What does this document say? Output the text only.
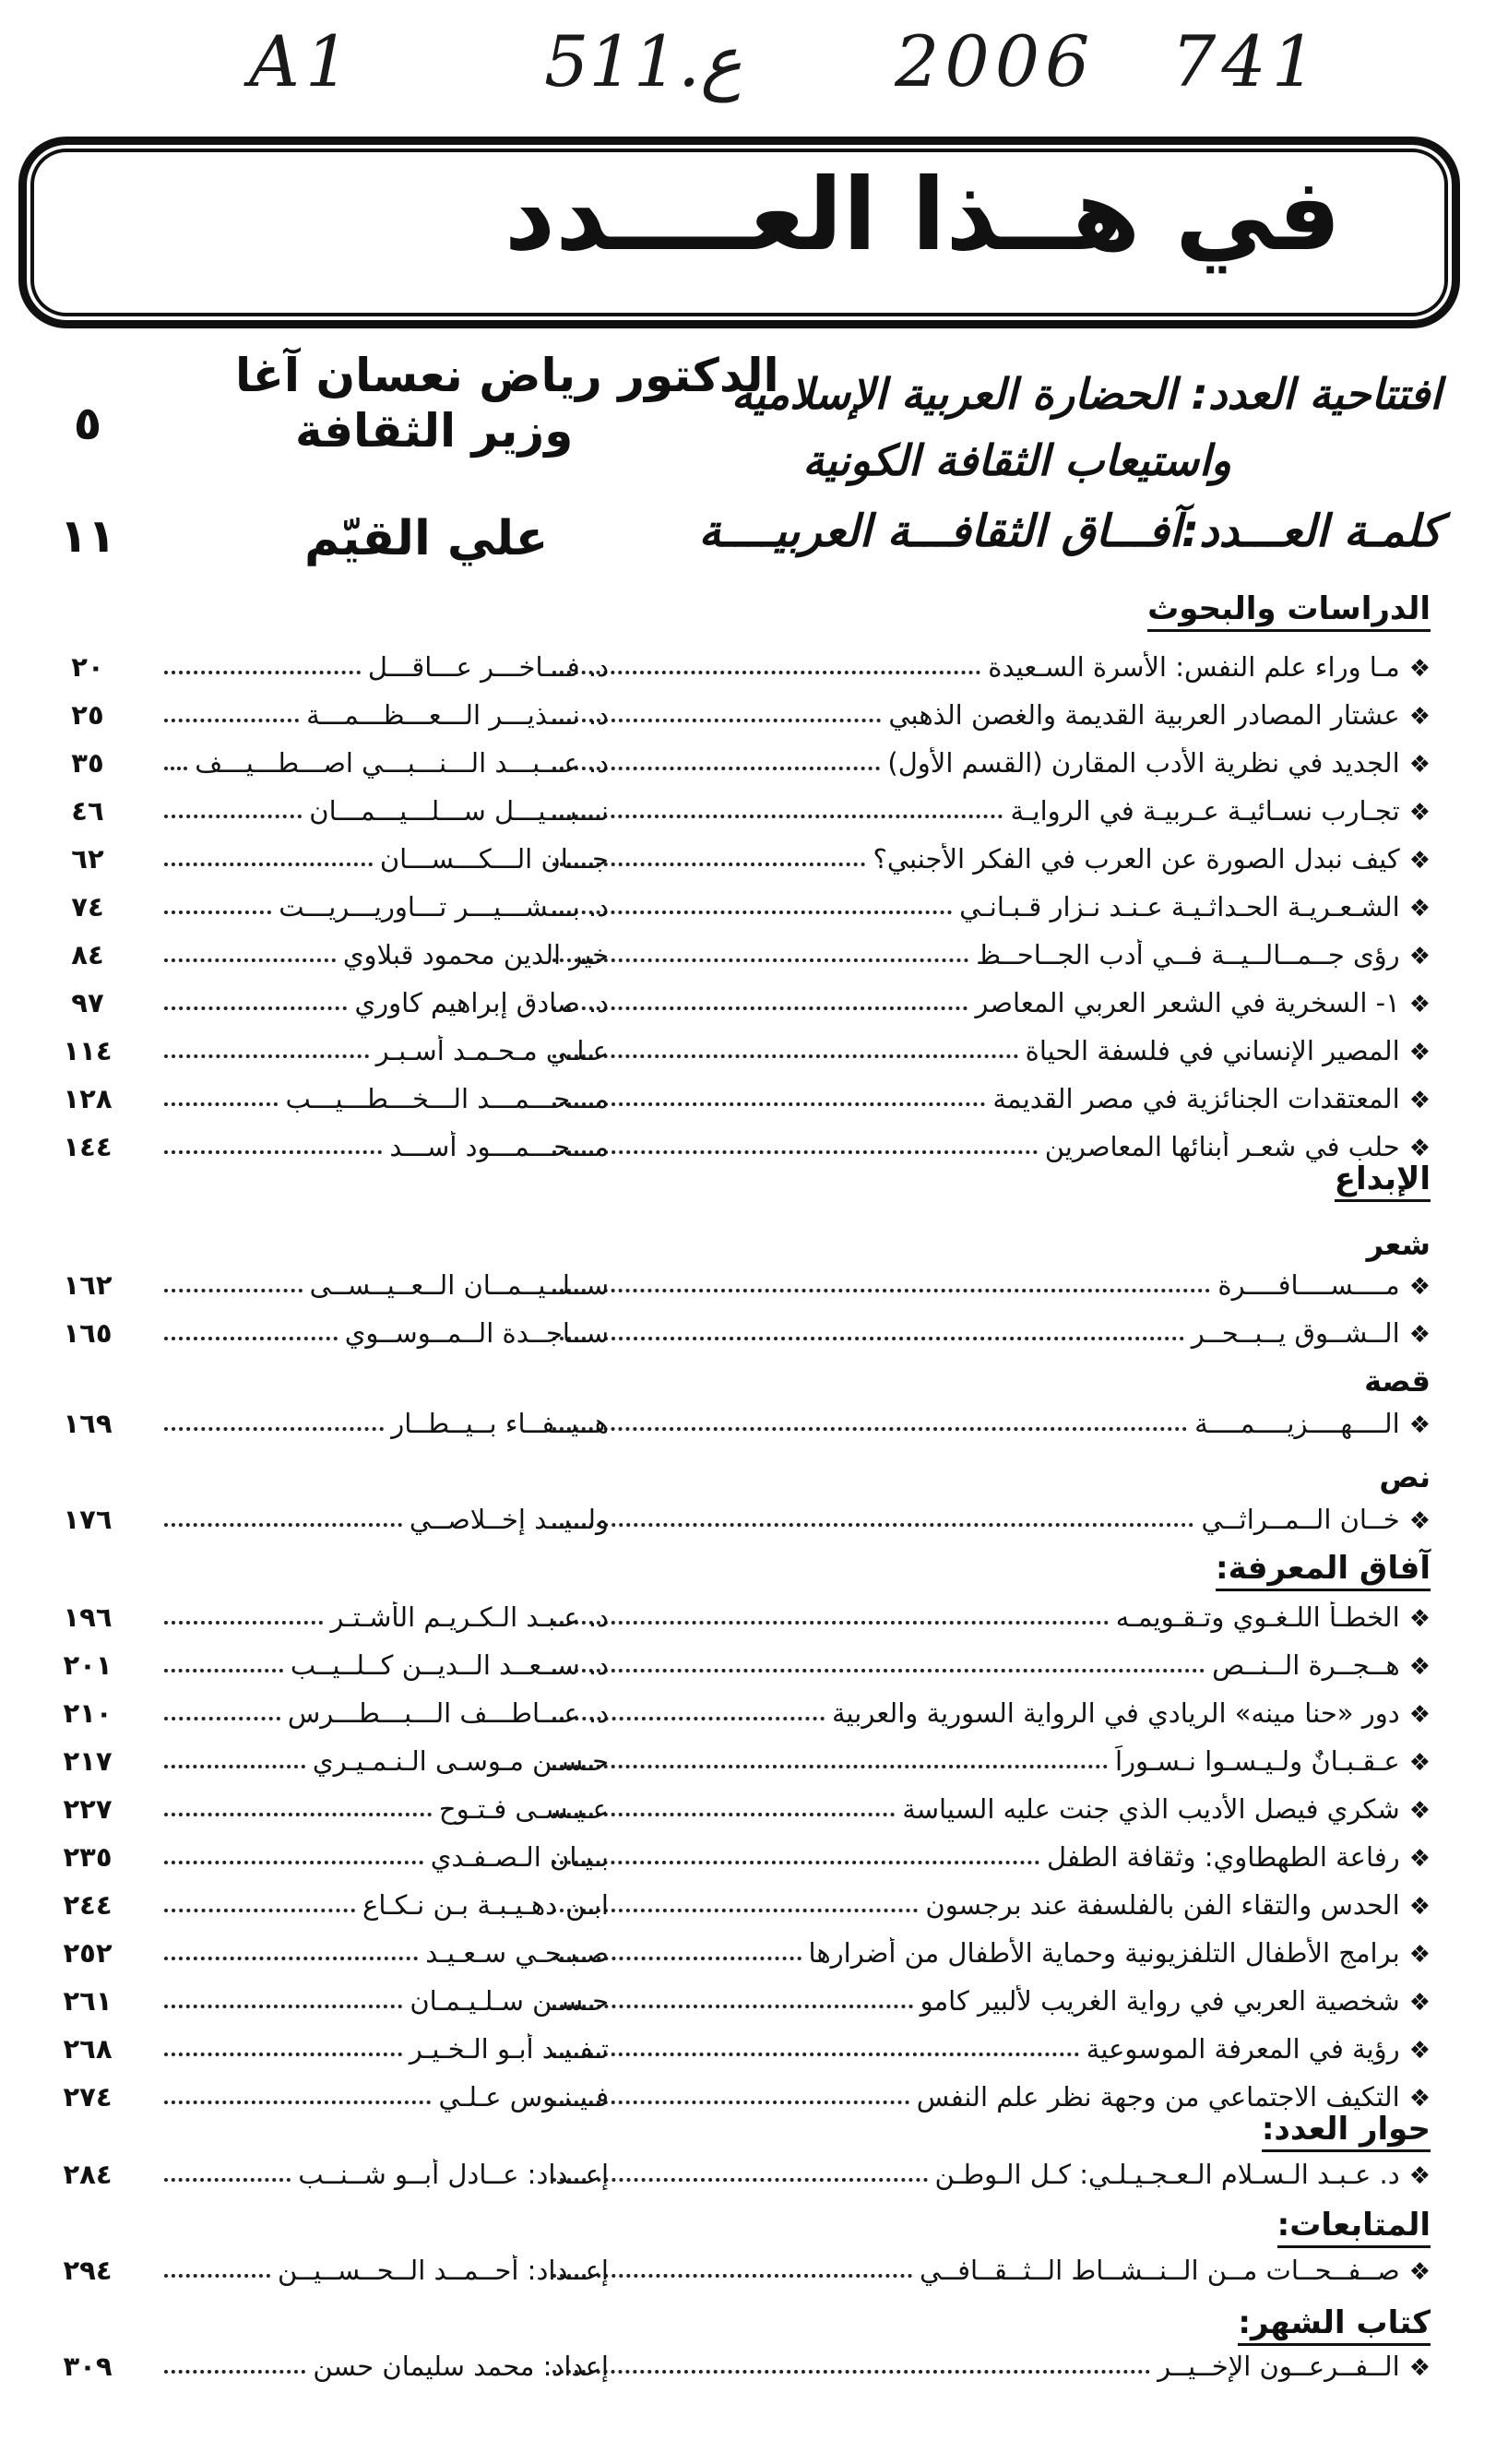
A1	511.ع 2006 741
في هــذا العــــدد
افتتاحية العدد: الحضارة العربية الإسلامية
واستيعاب الثقافة الكونية
الدكتور رياض نعسان آغا
وزير الثقافة
٥
كلمـة العـــدد:آفـــاق الثقافـــة العربيــــة
علي القيّم
١١
الدراسات والبحوث
❖
مـا وراء علم النفس: الأسرة السـعيدة
د. فـــاخـــر عـــاقـــل
٢٠
❖
عشتار المصادر العربية القديمة والغصن الذهبي
د. نـــذيـــر الـــعـــظـــمـــة
٢٥
❖
الجديد في نظرية الأدب المقارن (القسم الأول)
د. عـــبـــد الـــنـــبـــي اصـــطـــيـــف
٣٥
❖
تجـارب نسـائيـة عـربيـة في الروايـة
نـــبـــيـــل ســـلـــيـــمـــان
٤٦
❖
كيف نبدل الصورة عن العرب في الفكر الأجنبي؟
جـــان الـــكـــســـان
٦٢
❖
الشـعـريـة الحـداثـيـة عـنـد نـزار قـبـانـي
د. بـــشـــيـــر تـــاوريـــريـــت
٧٤
❖
رؤى جــمــالــيــة فــي أدب الجــاحــظ
خير الدين محمود قبلاوي
٨٤
❖
١- السخرية في الشعر العربي المعاصر
د. صادق إبراهيم كاوري
٩٧
❖
المصير الإنساني في فلسفة الحياة
عـلـي مـحـمـد أسـبـر
١١٤
❖
المعتقدات الجنائزية في مصر القديمة
مـــحـــمـــد الـــخـــطـــيـــب
١٢٨
❖
حلب في شعـر أبنائها المعاصرين
مـــحـــمـــود أســـد
١٤٤
الإبداع
شعر
❖
مــــســــافــــرة
ســلــيــمــان الــعــيــســى
١٦٢
❖
الــشــوق يــبــحــر
ســاجــدة الــمــوســوي
١٦٥
قصة
❖
الــــهــــزيــــمــــة
هــيــفــاء بــيــطــار
١٦٩
نص
❖
خــان الــمــراثــي
ولــيــد إخــلاصــي
١٧٦
آفاق المعرفة:
❖
الخطـأ اللـغـوي وتـقـويمـه
د. عـبـد الـكـريـم الأشـتـر
١٩٦
❖
هــجــرة الــنــص
د. ســعــد الــديــن كــلــيــب
٢٠١
❖
دور «حنا مينه» الريادي في الرواية السورية والعربية
د. عـــاطـــف الـــبـــطـــرس
٢١٠
❖
عـقـبـانٌ ولـيـسـوا نـسـوراً
حـسـن مـوسـى الـنـمـيـري
٢١٧
❖
شكري فيصل الأديب الذي جنت عليه السياسة
عـيـسـى فـتـوح
٢٢٧
❖
رفاعة الطهطاوي: وثقافة الطفل
بـيـان الـصـفـدي
٢٣٥
❖
الحدس والتقاء الفن بالفلسفة عند برجسون
ابـن دهـيـبـة بـن نـكـاع
٢٤٤
❖
برامج الأطفال التلفزيونية وحماية الأطفال من أضرارها
صـبـحـي سـعـيـد
٢٥٢
❖
شخصية العربي في رواية الغريب لألبير كامو
حـسـن سـلـيـمـان
٢٦١
❖
رؤية في المعرفة الموسوعية
تـفـيـد أبـو الـخـيـر
٢٦٨
❖
التكيف الاجتماعي من وجهة نظر علم النفس
فـيـنـوس عـلـي
٢٧٤
حوار العدد:
❖
د. عـبـد الـسـلام الـعـجـيـلـي: كـل الـوطـن
إعــداد: عــادل أبــو شــنــب
٢٨٤
المتابعات:
❖
صــفــحــات مــن الــنــشــاط الــثــقــافــي
إعــداد: أحــمــد الــحــســيــن
٢٩٤
كتاب الشهر:
❖
الــفــرعــون الإخــيــر
إعداد: محمد سليمان حسن
٣٠٩
